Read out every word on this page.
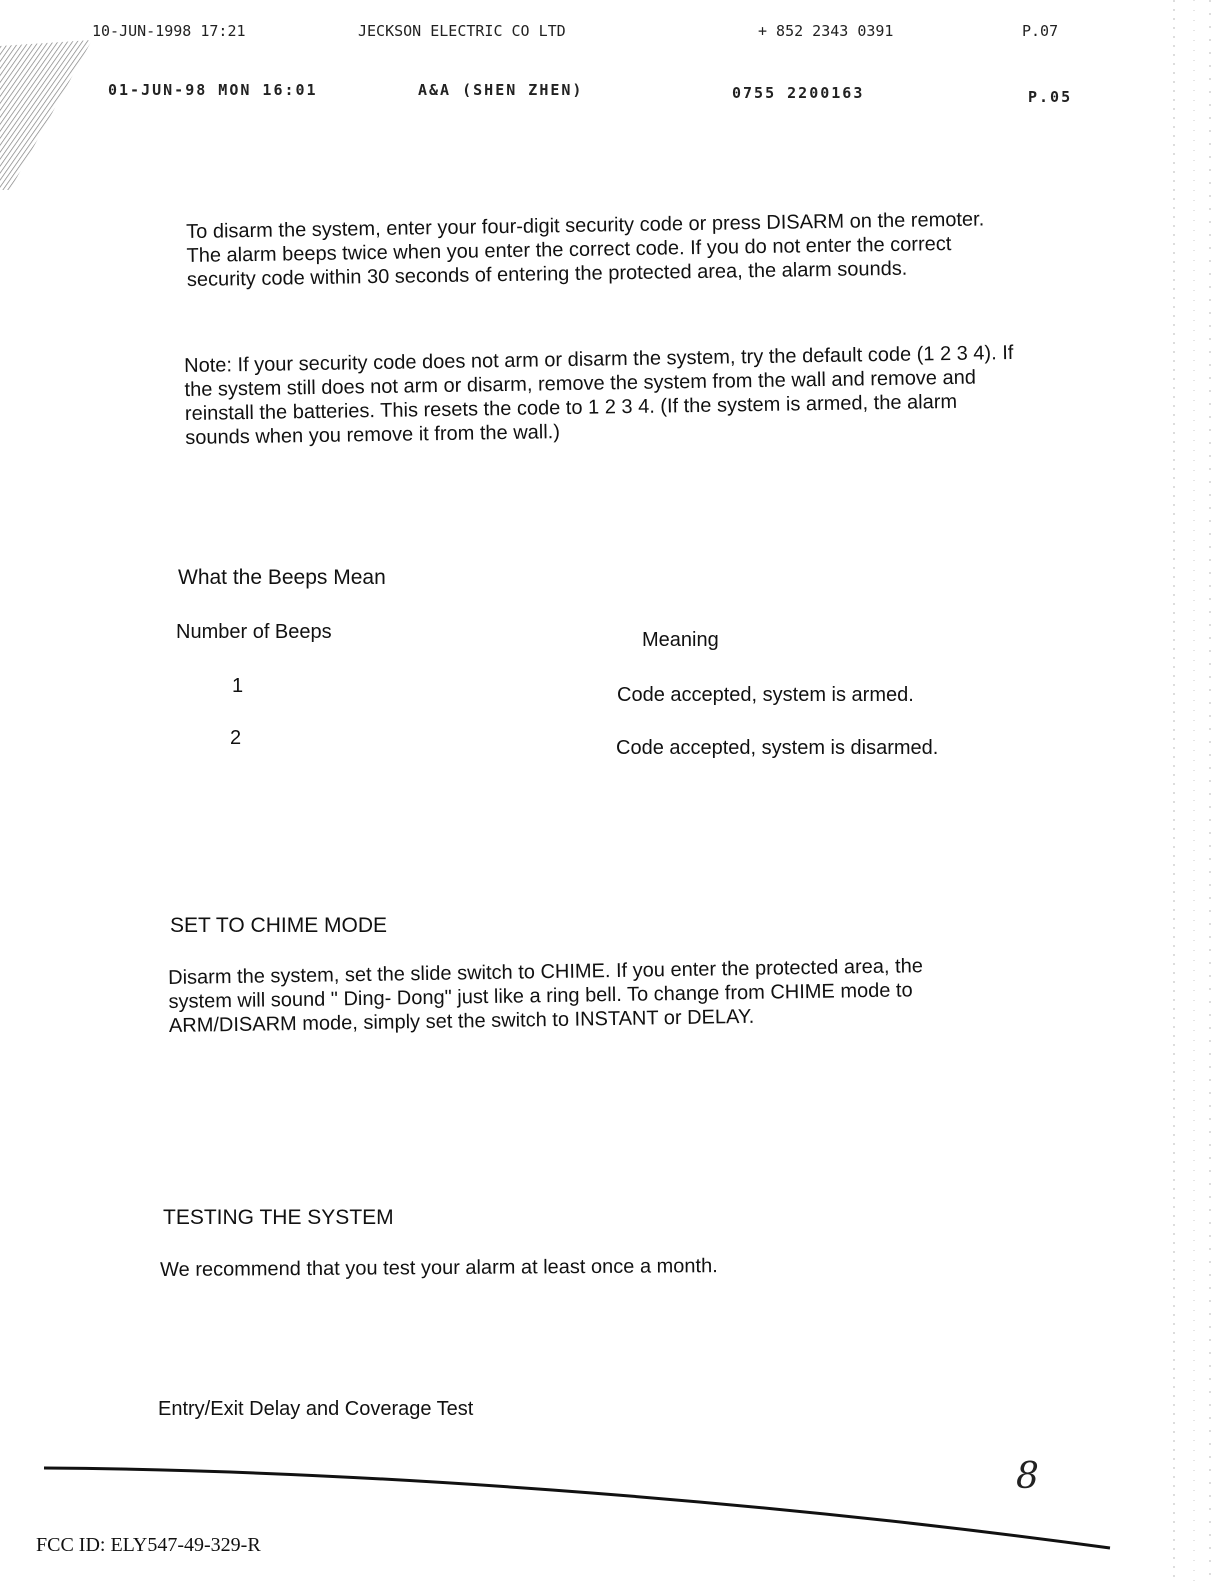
10-JUN-1998 17:21	JECKSON ELECTRIC CO LTD	+ 852 2343 0391	P.07
01-JUN-98 MON 16:01	A&A (SHEN ZHEN)	0755 2200163	P.05

To disarm the system, enter your four-digit security code or press DISARM on the remoter. The alarm beeps twice when you enter the correct code. If you do not enter the correct security code within 30 seconds of entering the protected area, the alarm sounds.

Note: If your security code does not arm or disarm the system, try the default code (1 2 3 4). If the system still does not arm or disarm, remove the system from the wall and remove and reinstall the batteries. This resets the code to 1 2 3 4. (If the system is armed, the alarm sounds when you remove it from the wall.)

What the Beeps Mean
Number of Beeps	Meaning
1	Code accepted, system is armed.
2	Code accepted, system is disarmed.
SET TO CHIME MODE

Disarm the system, set the slide switch to CHIME. If you enter the protected area, the system will sound " Ding- Dong" just like a ring bell. To change from CHIME mode to ARM/DISARM mode, simply set the switch to INSTANT or DELAY.

TESTING THE SYSTEM
We recommend that you test your alarm at least once a month.
Entry/Exit Delay and Coverage Test
8
FCC ID: ELY547-49-329-R
